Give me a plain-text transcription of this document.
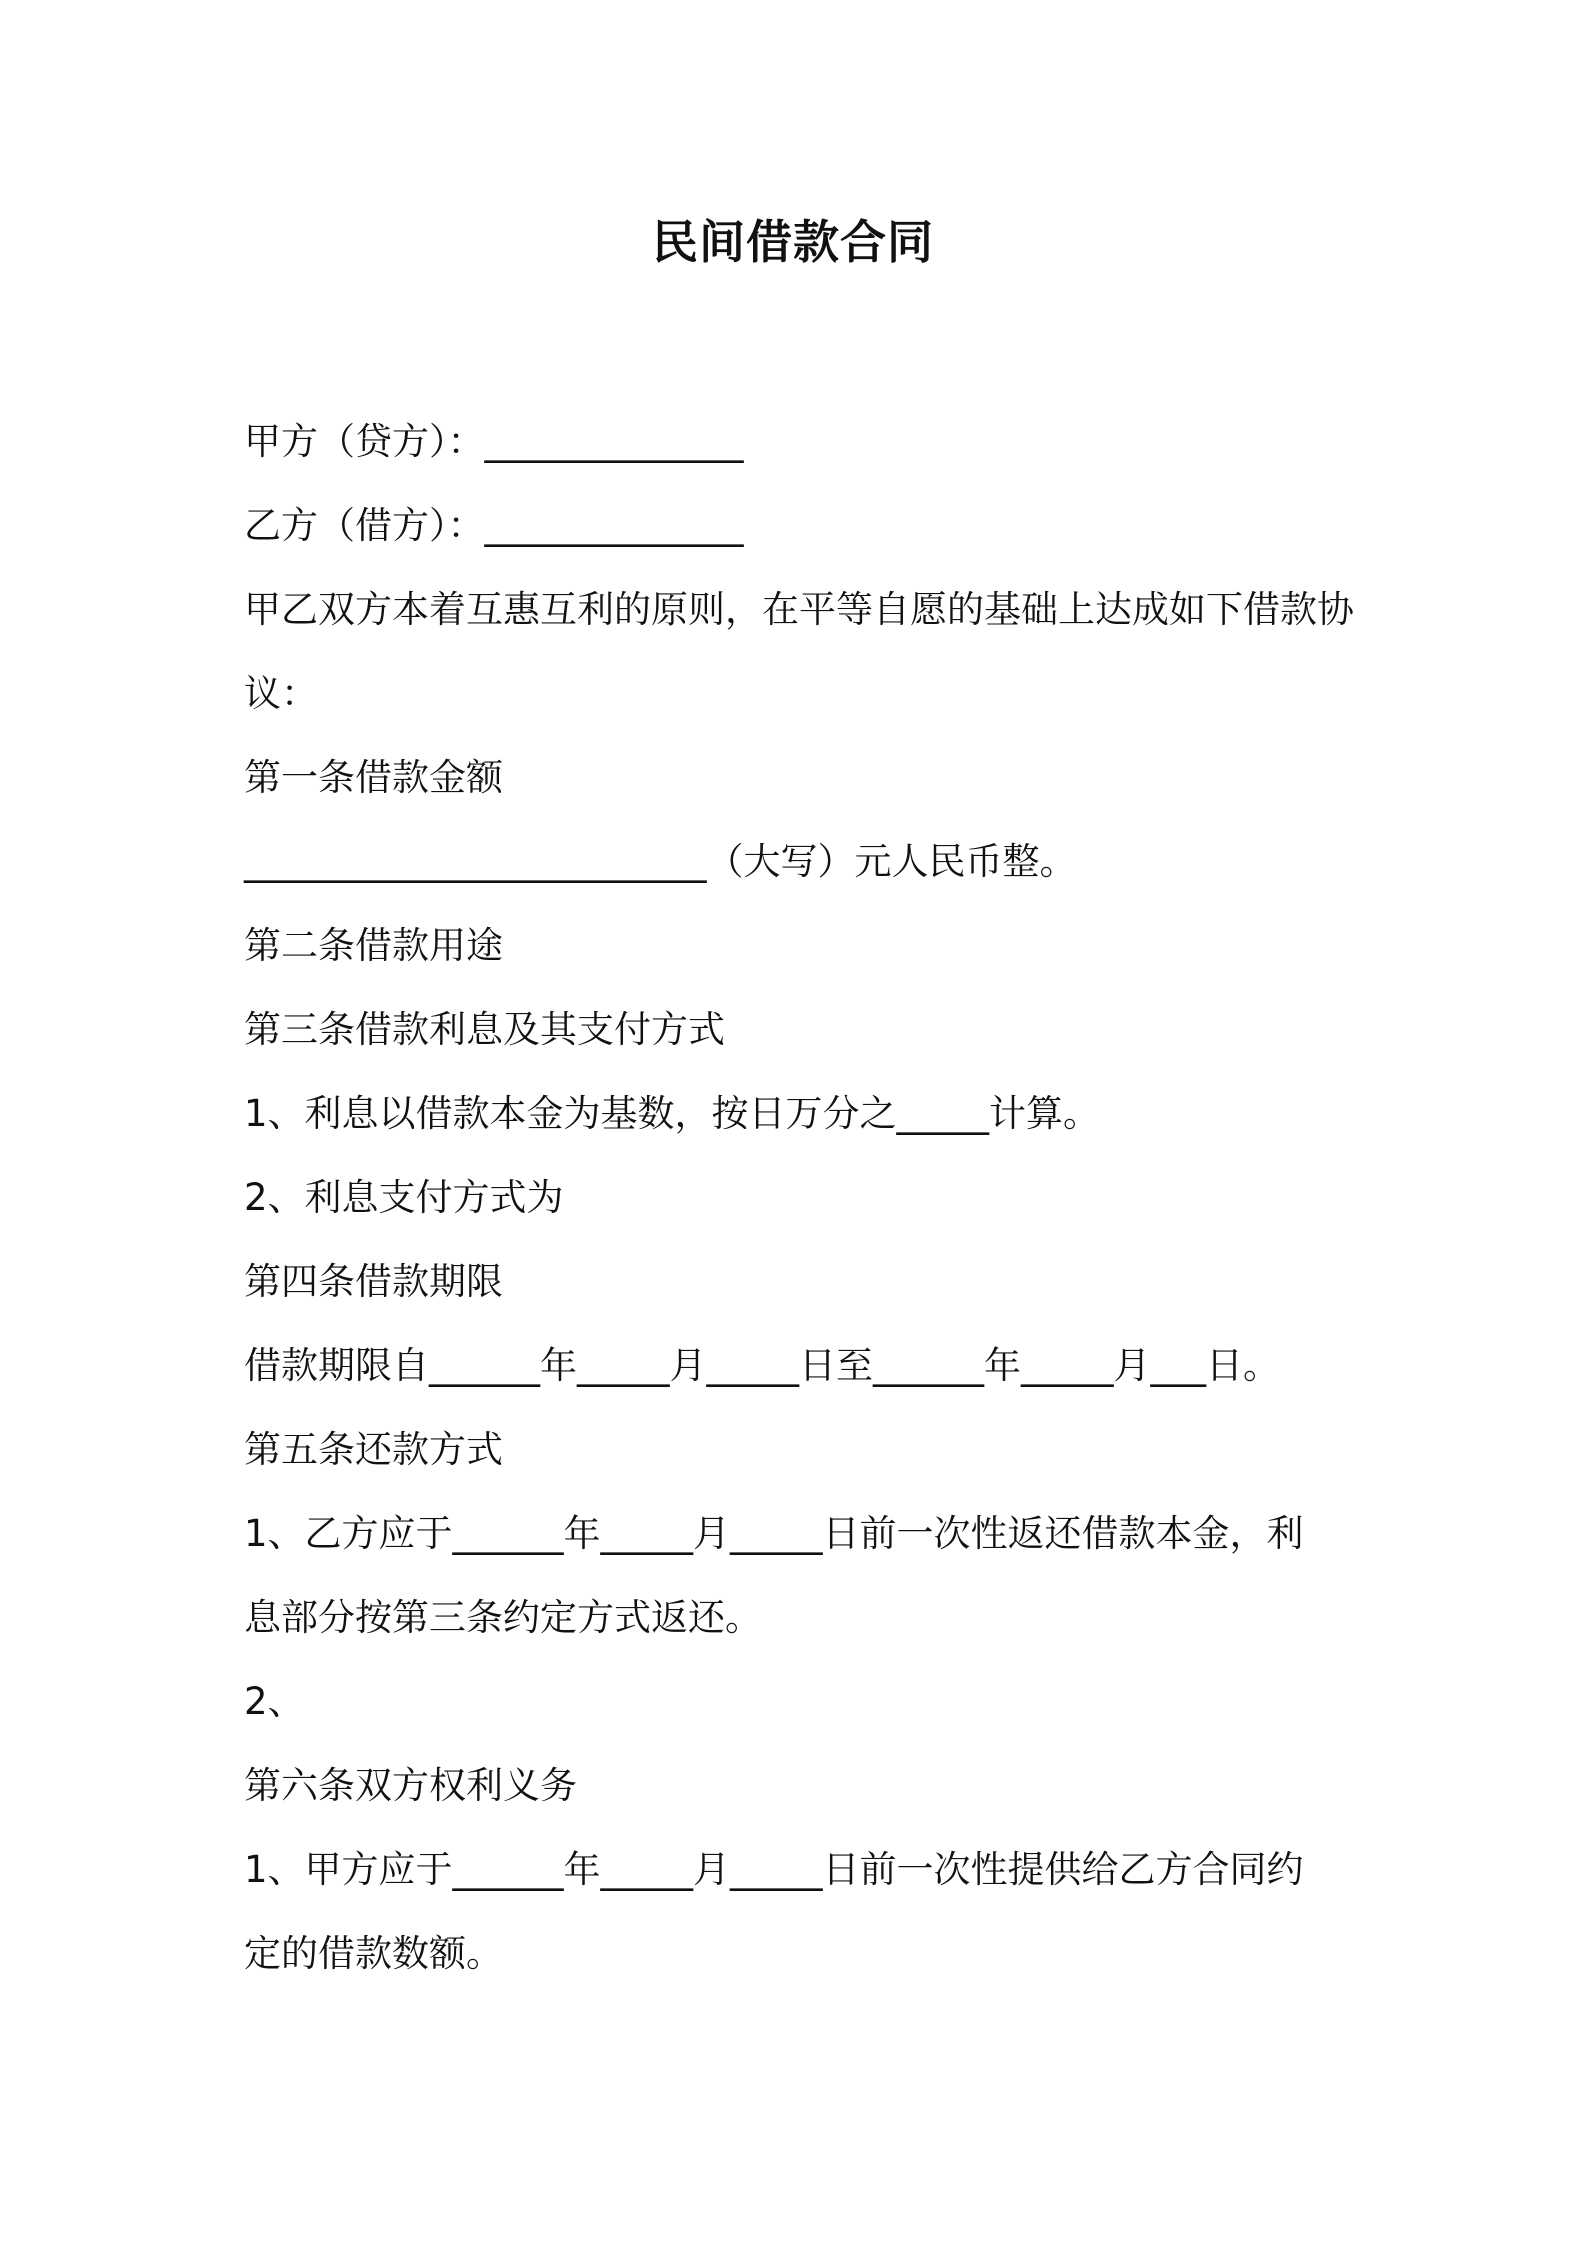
民间借款合同
甲方（贷方）：______________
乙方（借方）：______________
甲乙双方本着互惠互利的原则，在平等自愿的基础上达成如下借款协
议：
第一条借款金额
_________________________（大写）元人民币整。
第二条借款用途
第三条借款利息及其支付方式
1、利息以借款本金为基数，按日万分之_____计算。
2、利息支付方式为
第四条借款期限
借款期限自______年_____月_____日至______年_____月___日。
第五条还款方式
1、乙方应于______年_____月_____日前一次性返还借款本金，利
息部分按第三条约定方式返还。
2、
第六条双方权利义务
1、甲方应于______年_____月_____日前一次性提供给乙方合同约
定的借款数额。
